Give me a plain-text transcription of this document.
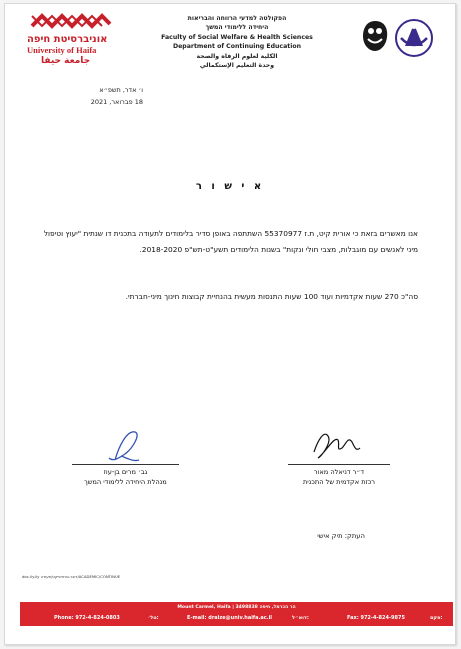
אוניברסיטת חיפה
University of Haifa
جامعة حيفا
הפקולטה למדעי הרווחה והבריאות
היחידה ללימודי המשך
Faculty of Social Welfare & Health Sciences
Department of Continuing Education
الكلية لعلوم الرفاه والصحة
وحدة التعليم الإستكمالي
ו׳ אדר, תשפ״א
18 פברואר, 2021
א י ש ו ר
אנו מאשרים בזאת כי אורית קיט, ת.ז 55370977 השתתפה באופן סדיר בלימודים לתעודה בתכנית דו שנתית "יעוץ וטיפול מיני לאנשים עם מוגבלות, מצבי חולי ונקות" בשנות הלימודים תשע"ט-תש"פ 2018-2020.
סה"כ 270 שעות אקדמיות ועוד 100 שעות התנסות מעשית בהנחיית קבוצות חינוך מיני-חברתי.
גב׳ מרים בן-עוז
מנהלת היחידה ללימודי המשך
ד״ר דניאלה מאור
רכזת אקדמית של התכנית
העתק: תיק אישי
doc.ily.ily דובר-סרטיפיקט/תעודה/ACADEMIC/CONTINUE
Mount Carmel, Haifa | 3498838 הר הכרמל, חיפה
Phone: 972-4-824-0803	טל׳:	E-mail: dralze@univ.haifa.ac.il	דוא״ל:	Fax: 972-4-824-9875	פקס:
